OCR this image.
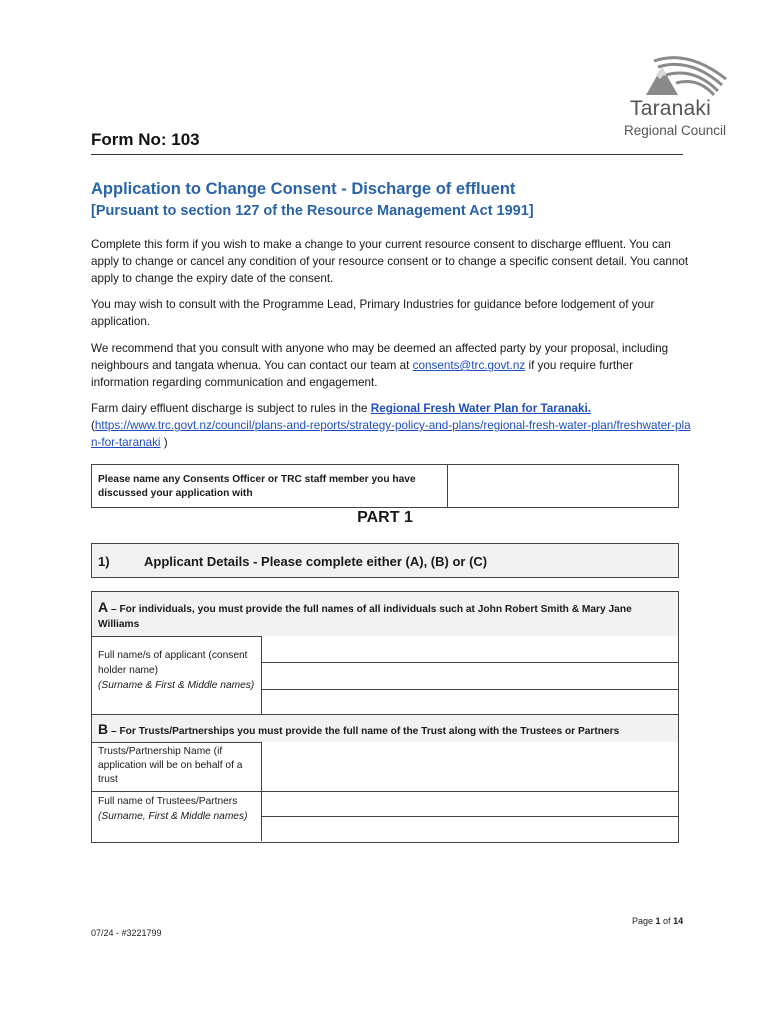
Taranaki
Regional Council
Form No: 103
Application to Change Consent - Discharge of effluent
[Pursuant to section 127 of the Resource Management Act 1991]
Complete this form if you wish to make a change to your current resource consent to discharge effluent. You can apply to change or cancel any condition of your resource consent or to change a specific consent detail. You cannot apply to change the expiry date of the consent.
You may wish to consult with the Programme Lead, Primary Industries for guidance before lodgement of your application.
We recommend that you consult with anyone who may be deemed an affected party by your proposal, including neighbours and tangata whenua. You can contact our team at consents@trc.govt.nz if you require further information regarding communication and engagement.
Farm dairy effluent discharge is subject to rules in the Regional Fresh Water Plan for Taranaki.
(https://www.trc.govt.nz/council/plans-and-reports/strategy-policy-and-plans/regional-fresh-water-plan/freshwater-plan-for-taranaki )
Please name any Consents Officer or TRC staff member you have discussed your application with
PART 1
1)	Applicant Details - Please complete either (A), (B) or (C)
A – For individuals, you must provide the full names of all individuals such at John Robert Smith & Mary Jane Williams
Full name/s of applicant (consent holder name)
(Surname & First & Middle names)
B – For Trusts/Partnerships you must provide the full name of the Trust along with the Trustees or Partners
Trusts/Partnership Name (if application will be on behalf of a trust
Full name of Trustees/Partners (Surname, First & Middle names)
Page 1 of 14
07/24 - #3221799
